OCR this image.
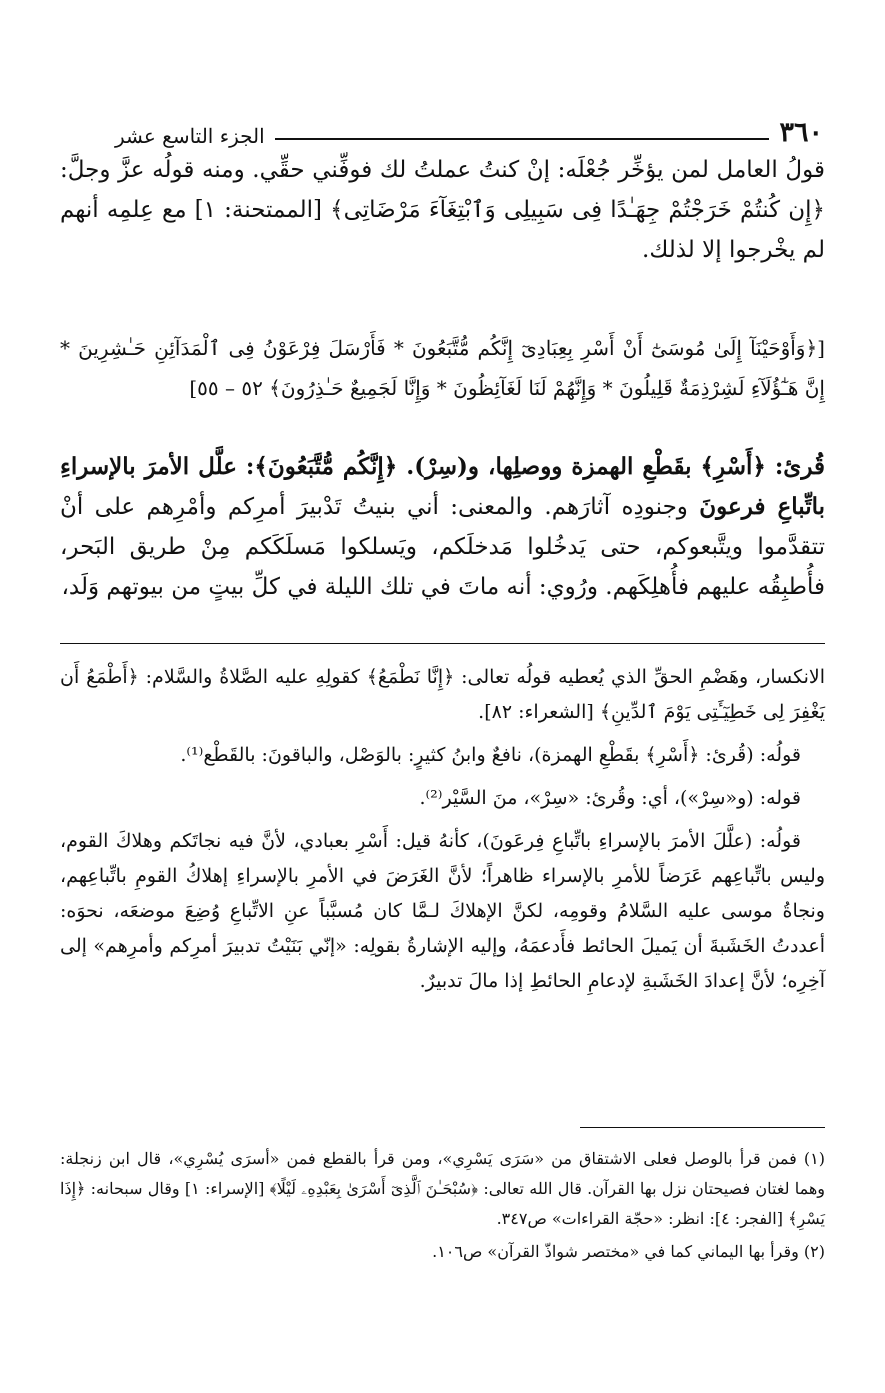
٣٦٠
الجزء التاسع عشر
قولُ العامل لمن يؤخِّر جُعْلَه: إنْ كنتُ عملتُ لك فوفِّني حقِّي. ومنه قولُه عزَّ وجلَّ: ﴿إِن كُنتُمْ خَرَجْتُمْ جِهَـٰدًا فِى سَبِيلِى وَٱبْتِغَآءَ مَرْضَاتِى﴾ [الممتحنة: ١] مع عِلمِه أنهم لم يخْرجوا إلا لذلك.
[﴿وَأَوْحَيْنَآ إِلَىٰ مُوسَىٰٓ أَنْ أَسْرِ بِعِبَادِىٓ إِنَّكُم مُّتَّبَعُونَ * فَأَرْسَلَ فِرْعَوْنُ فِى ٱلْمَدَآئِنِ حَـٰشِرِينَ * إِنَّ هَـٰٓؤُلَآءِ لَشِرْذِمَةٌ قَلِيلُونَ * وَإِنَّهُمْ لَنَا لَغَآئِظُونَ * وَإِنَّا لَجَمِيعٌ حَـٰذِرُونَ﴾ ٥٢ – ٥٥]
قُرئ: ﴿أَسْرِ﴾ بقَطْعِ الهمزة ووصلِها، و(سِرْ). ﴿إِنَّكُم مُّتَّبَعُونَ﴾: علَّل الأمرَ بالإسراءِ باتِّباعِ فرعونَ وجنودِه آثارَهم. والمعنى: أني بنيتُ تَدْبيرَ أمرِكم وأمْرِهم على أنْ تتقدَّموا ويتَّبعوكم، حتى يَدخُلوا مَدخلَكم، ويَسلكوا مَسلَكَكم مِنْ طريق البَحر، فأُطبِقُه عليهم فأُهلِكَهم. ورُوي: أنه ماتَ في تلك الليلة في كلِّ بيتٍ من بيوتهم وَلَد،

الانكسار، وهَضْمِ الحقِّ الذي يُعطيه قولُه تعالى: ﴿إِنَّا نَطْمَعُ﴾ كقولِهِ عليه الصَّلاةُ والسَّلام: ﴿أَطْمَعُ أَن يَغْفِرَ لِى خَطِيٓـَٔتِى يَوْمَ ٱلدِّينِ﴾ [الشعراء: ٨٢].

قولُه: (قُرئ: ﴿أَسْرِ﴾ بقَطْعِ الهمزة)، نافعٌ وابنُ كثيرٍ: بالوَصْل، والباقونَ: بالقَطْع⁽¹⁾.

قوله: (و«سِرْ»)، أي: وقُرئ: «سِرْ»، منَ السَّيْر⁽²⁾.

قولُه: (علَّلَ الأمرَ بالإسراءِ باتِّباعِ فِرعَونَ)، كأنهُ قيل: أَسْرِ بعبادي، لأنَّ فيه نجاتَكم وهلاكَ القوم، وليس باتِّباعِهم عَرَضاً للأمرِ بالإسراء ظاهراً؛ لأنَّ الغَرَضَ في الأمرِ بالإسراءِ إهلاكُ القومِ باتِّباعِهم، ونجاةُ موسى عليه السَّلامُ وقومِه، لكنَّ الإهلاكَ لـمَّا كان مُسبَّباً عنِ الاتِّباعِ وُضِعَ موضعَه، نحوَه: أعددتُ الخَشَبةَ أن يَميلَ الحائط فأَدعمَهُ، وإليه الإشارةُ بقولِه: «إنّي بَنَيْتُ تدبيرَ أمرِكم وأمرِهم» إلى آخِرِه؛ لأنَّ إعدادَ الخَشَبةِ لإدعامِ الحائطِ إذا مالَ تدبيرٌ.

(١) فمن قرأ بالوصل فعلى الاشتقاق من «سَرَى يَسْرِي»، ومن قرأ بالقطع فمن «أسرَى يُسْرِي»، قال ابن زنجلة: وهما لغتان فصيحتان نزل بها القرآن. قال الله تعالى: ﴿سُبْحَـٰنَ ٱلَّذِىٓ أَسْرَىٰ بِعَبْدِهِۦ لَيْلًا﴾ [الإسراء: ١] وقال سبحانه: ﴿إِذَا يَسْرِ﴾ [الفجر: ٤]: انظر: «حجّة القراءات» ص٣٤٧.

(٢) وقرأ بها اليماني كما في «مختصر شواذّ القرآن» ص١٠٦.
